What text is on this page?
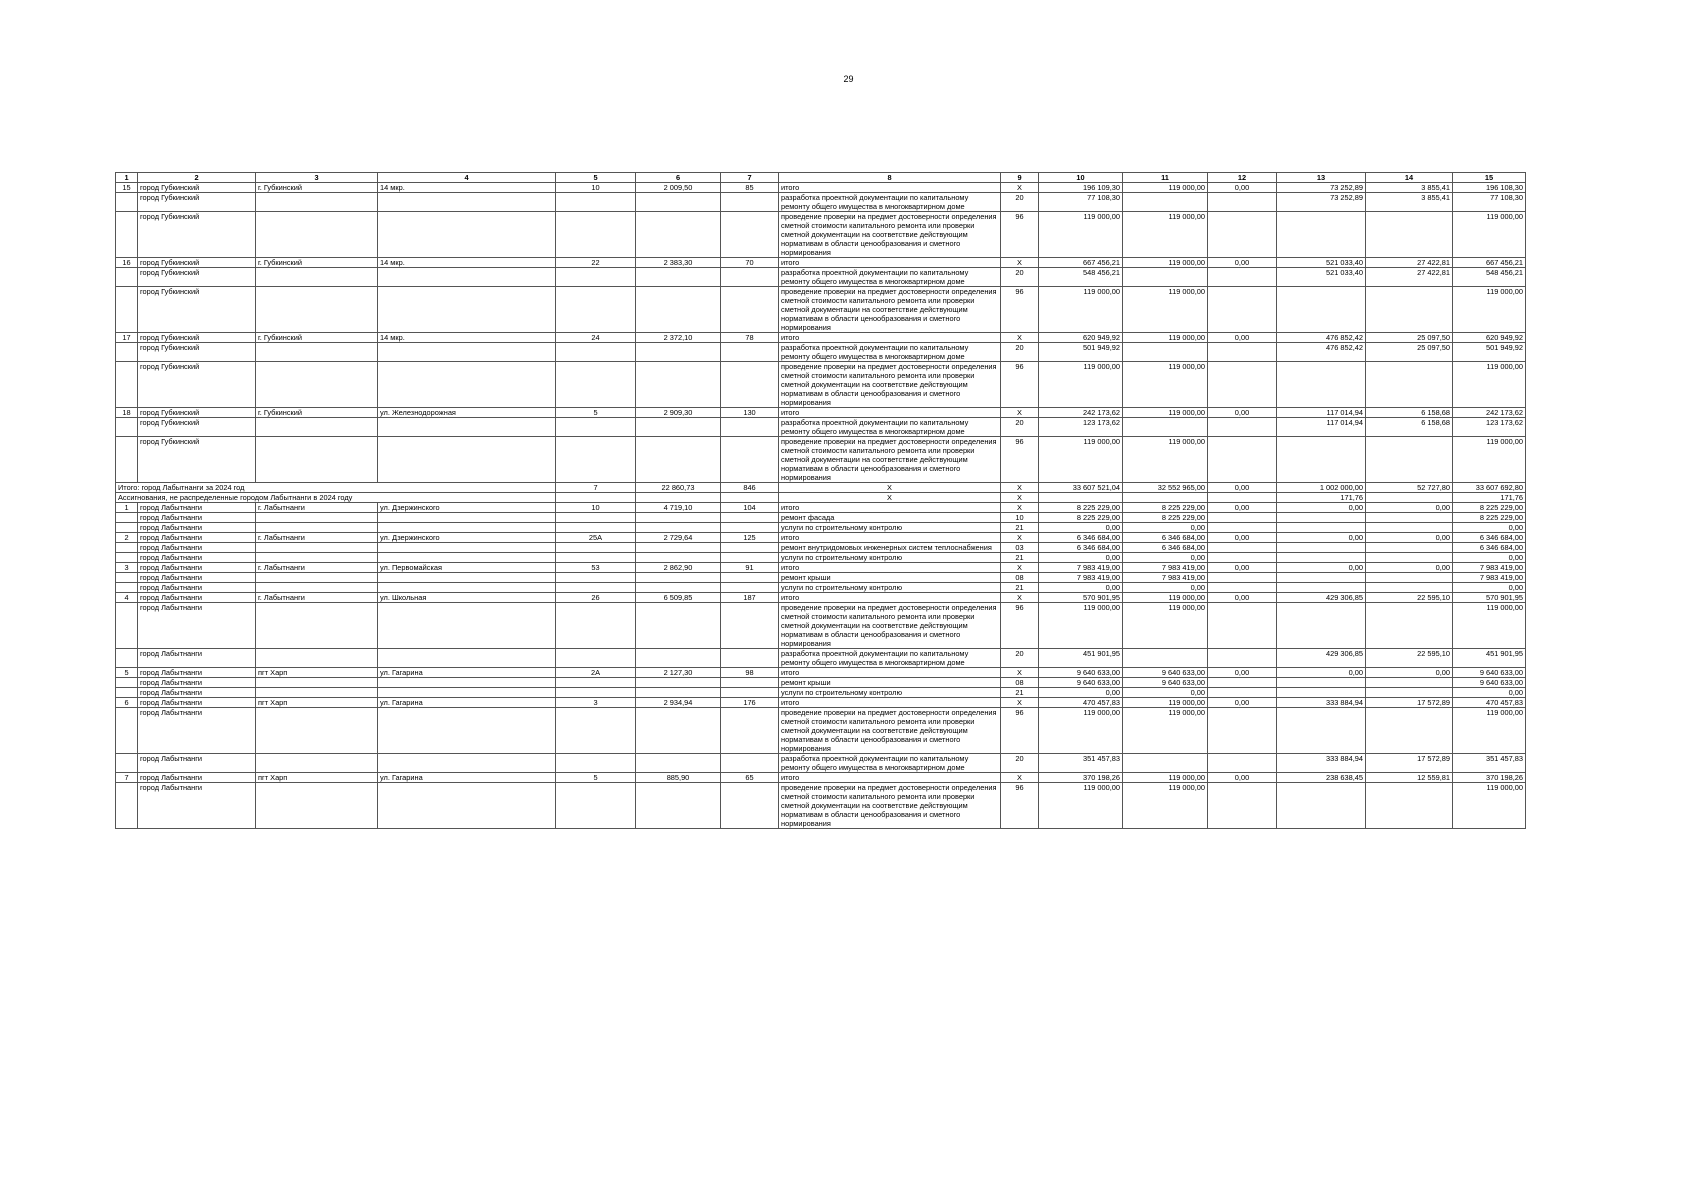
29
1	2	3	4	5	6	7	8	9	10	11	12	13	14	15
15	город Губкинский	г. Губкинский	14 мкр.	10	2 009,50	85	итого	X	196 109,30	119 000,00	0,00	73 252,89	3 855,41	196 108,30
	город Губкинский						разработка проектной документации по капитальному ремонту общего имущества в многоквартирном доме	20	77 108,30			73 252,89	3 855,41	77 108,30
	город Губкинский						проведение проверки на предмет достоверности определения сметной стоимости капитального ремонта или проверки сметной документации на соответствие действующим нормативам в области ценообразования и сметного нормирования	96	119 000,00	119 000,00				119 000,00
16	город Губкинский	г. Губкинский	14 мкр.	22	2 383,30	70	итого	X	667 456,21	119 000,00	0,00	521 033,40	27 422,81	667 456,21
	город Губкинский						разработка проектной документации по капитальному ремонту общего имущества в многоквартирном доме	20	548 456,21			521 033,40	27 422,81	548 456,21
	город Губкинский						проведение проверки на предмет достоверности определения сметной стоимости капитального ремонта или проверки сметной документации на соответствие действующим нормативам в области ценообразования и сметного нормирования	96	119 000,00	119 000,00				119 000,00
17	город Губкинский	г. Губкинский	14 мкр.	24	2 372,10	78	итого	X	620 949,92	119 000,00	0,00	476 852,42	25 097,50	620 949,92
	город Губкинский						разработка проектной документации по капитальному ремонту общего имущества в многоквартирном доме	20	501 949,92			476 852,42	25 097,50	501 949,92
	город Губкинский						проведение проверки на предмет достоверности определения сметной стоимости капитального ремонта или проверки сметной документации на соответствие действующим нормативам в области ценообразования и сметного нормирования	96	119 000,00	119 000,00				119 000,00
18	город Губкинский	г. Губкинский	ул. Железнодорожная	5	2 909,30	130	итого	X	242 173,62	119 000,00	0,00	117 014,94	6 158,68	242 173,62
	город Губкинский						разработка проектной документации по капитальному ремонту общего имущества в многоквартирном доме	20	123 173,62			117 014,94	6 158,68	123 173,62
	город Губкинский						проведение проверки на предмет достоверности определения сметной стоимости капитального ремонта или проверки сметной документации на соответствие действующим нормативам в области ценообразования и сметного нормирования	96	119 000,00	119 000,00				119 000,00
Итого: город Лабытнанги за 2024 год				7	22 860,73	846	X	X	33 607 521,04	32 552 965,00	0,00	1 002 000,00	52 727,80	33 607 692,80
Ассигнования, не распределенные городом Лабытнанги в 2024 году							X	X				171,76		171,76
1	город Лабытнанги	г. Лабытнанги	ул. Дзержинского	10	4 719,10	104	итого	X	8 225 229,00	8 225 229,00	0,00	0,00	0,00	8 225 229,00
	город Лабытнанги						ремонт фасада	10	8 225 229,00	8 225 229,00				8 225 229,00
	город Лабытнанги						услуги по строительному контролю	21	0,00	0,00				0,00
2	город Лабытнанги	г. Лабытнанги	ул. Дзержинского	25А	2 729,64	125	итого	X	6 346 684,00	6 346 684,00	0,00	0,00	0,00	6 346 684,00
	город Лабытнанги						ремонт внутридомовых инженерных систем теплоснабжения	03	6 346 684,00	6 346 684,00				6 346 684,00
	город Лабытнанги						услуги по строительному контролю	21	0,00	0,00				0,00
3	город Лабытнанги	г. Лабытнанги	ул. Первомайская	53	2 862,90	91	итого	X	7 983 419,00	7 983 419,00	0,00	0,00	0,00	7 983 419,00
	город Лабытнанги						ремонт крыши	08	7 983 419,00	7 983 419,00				7 983 419,00
	город Лабытнанги						услуги по строительному контролю	21	0,00	0,00				0,00
4	город Лабытнанги	г. Лабытнанги	ул. Школьная	26	6 509,85	187	итого	X	570 901,95	119 000,00	0,00	429 306,85	22 595,10	570 901,95
	город Лабытнанги						проведение проверки на предмет достоверности определения сметной стоимости капитального ремонта или проверки сметной документации на соответствие действующим нормативам в области ценообразования и сметного нормирования	96	119 000,00	119 000,00				119 000,00
	город Лабытнанги						разработка проектной документации по капитальному ремонту общего имущества в многоквартирном доме	20	451 901,95			429 306,85	22 595,10	451 901,95
5	город Лабытнанги	пгт Харп	ул. Гагарина	2А	2 127,30	98	итого	X	9 640 633,00	9 640 633,00	0,00	0,00	0,00	9 640 633,00
	город Лабытнанги						ремонт крыши	08	9 640 633,00	9 640 633,00				9 640 633,00
	город Лабытнанги						услуги по строительному контролю	21	0,00	0,00				0,00
6	город Лабытнанги	пгт Харп	ул. Гагарина	3	2 934,94	176	итого	X	470 457,83	119 000,00	0,00	333 884,94	17 572,89	470 457,83
	город Лабытнанги						проведение проверки на предмет достоверности определения сметной стоимости капитального ремонта или проверки сметной документации на соответствие действующим нормативам в области ценообразования и сметного нормирования	96	119 000,00	119 000,00				119 000,00
	город Лабытнанги						разработка проектной документации по капитальному ремонту общего имущества в многоквартирном доме	20	351 457,83			333 884,94	17 572,89	351 457,83
7	город Лабытнанги	пгт Харп	ул. Гагарина	5	885,90	65	итого	X	370 198,26	119 000,00	0,00	238 638,45	12 559,81	370 198,26
	город Лабытнанги						проведение проверки на предмет достоверности определения сметной стоимости капитального ремонта или проверки сметной документации на соответствие действующим нормативам в области ценообразования и сметного нормирования	96	119 000,00	119 000,00				119 000,00
